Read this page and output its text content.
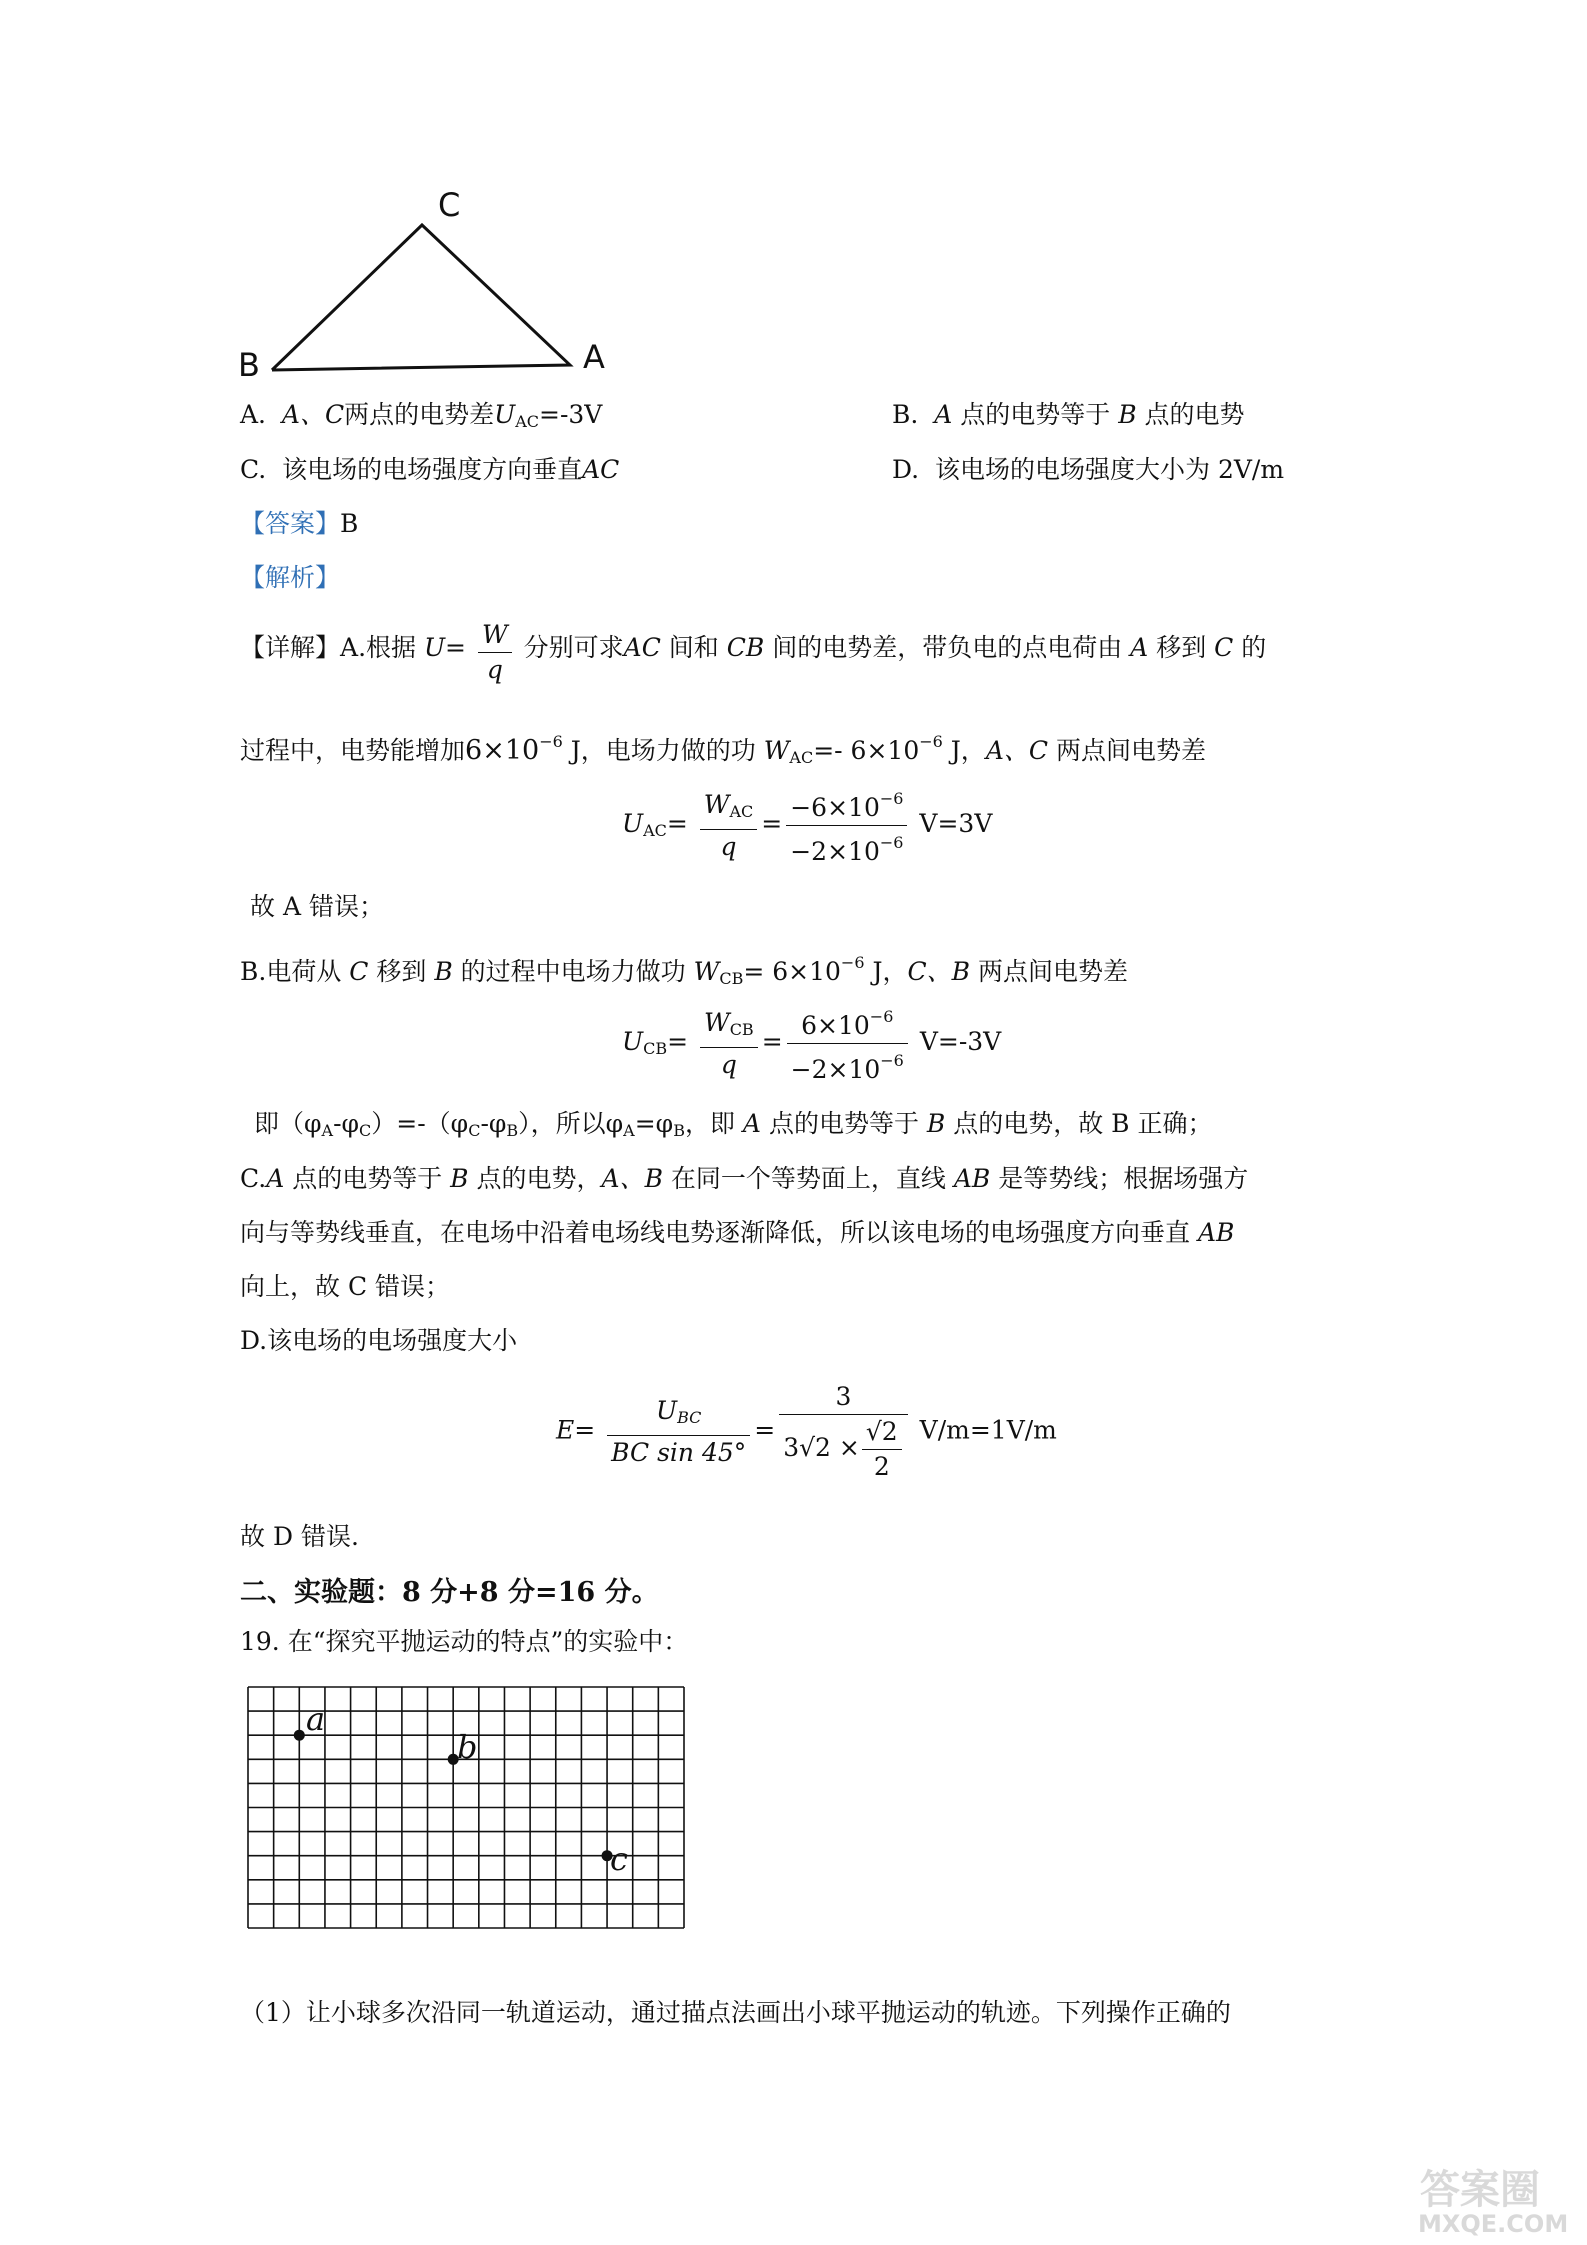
C
B	A
A. A、C两点的电势差$U_{AC}=-3V$	B. A 点的电势等于 B 点的电势
C. 该电场的电场强度方向垂直AC	D. 该电场的电场强度大小为 2V/m
【答案】B
【解析】
【详解】A.根据 $U= \frac{W}{q}$ 分别可求AC 间和 CB 间的电势差，带负电的点电荷由 A 移到 C 的
过程中，电势能增加$6\times 10^{-6}$ J，电场力做的功 $W_{AC}=-$ $6\times 10^{-6}$ J，A、C 两点间电势差
$U_{AC}= \frac{W_{AC}}{q} = \frac{-6\times 10^{-6}}{-2\times 10^{-6}} V=3V$
故 A 错误；
B.电荷从 C 移到 B 的过程中电场力做功 $W_{CB}= 6\times 10^{-6}$ J，C、B 两点间电势差
$U_{CB}= \frac{W_{CB}}{q} = \frac{6\times 10^{-6}}{-2\times 10^{-6}} V=-3V$
即$(\varphi_A-\varphi_C)=-(\varphi_C-\varphi_B)$，所以$\varphi_A=\varphi_B$，即 A 点的电势等于 B 点的电势，故 B 正确；
C.A 点的电势等于 B 点的电势，A、B 在同一个等势面上，直线 AB 是等势线；根据场强方
向与等势线垂直，在电场中沿着电场线电势逐渐降低，所以该电场的电场强度方向垂直 AB
向上，故 C 错误；
D.该电场的电场强度大小
$E= \frac{U_{BC}}{\text{BC sin 45°}} = \frac{3}{3√2 \times \frac{√2}{2}} V/m=1V/m$
故 D 错误.
二、实验题：8 分+8 分=16 分。
19. 在“探究平抛运动的特点”的实验中：
a
b
c
（1）让小球多次沿同一轨道运动，通过描点法画出小球平抛运动的轨迹。下列操作正确的
答案圈
MXQE.COM
